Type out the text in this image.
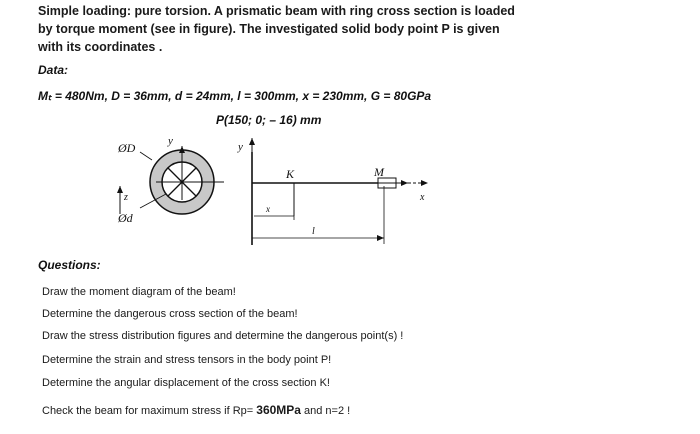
Simple loading: pure torsion. A prismatic beam with ring cross section is loaded by torque moment (see in figure). The investigated solid body point P is given with its coordinates .
Data:
Mₜ = 480Nm, D = 36mm, d = 24mm, l = 300mm, x = 230mm, G = 80GPa
P(150; 0; – 16) mm
ØD
Ød
y
z
y
K	M
x
x
l
Questions:
Draw the moment diagram of the beam!
Determine the dangerous cross section of the beam!
Draw the stress distribution figures and determine the dangerous point(s) !
Determine the strain and stress tensors in the body point P!
Determine the angular displacement of the cross section K!
Check the beam for maximum stress if Rp= 360MPa and n=2 !
